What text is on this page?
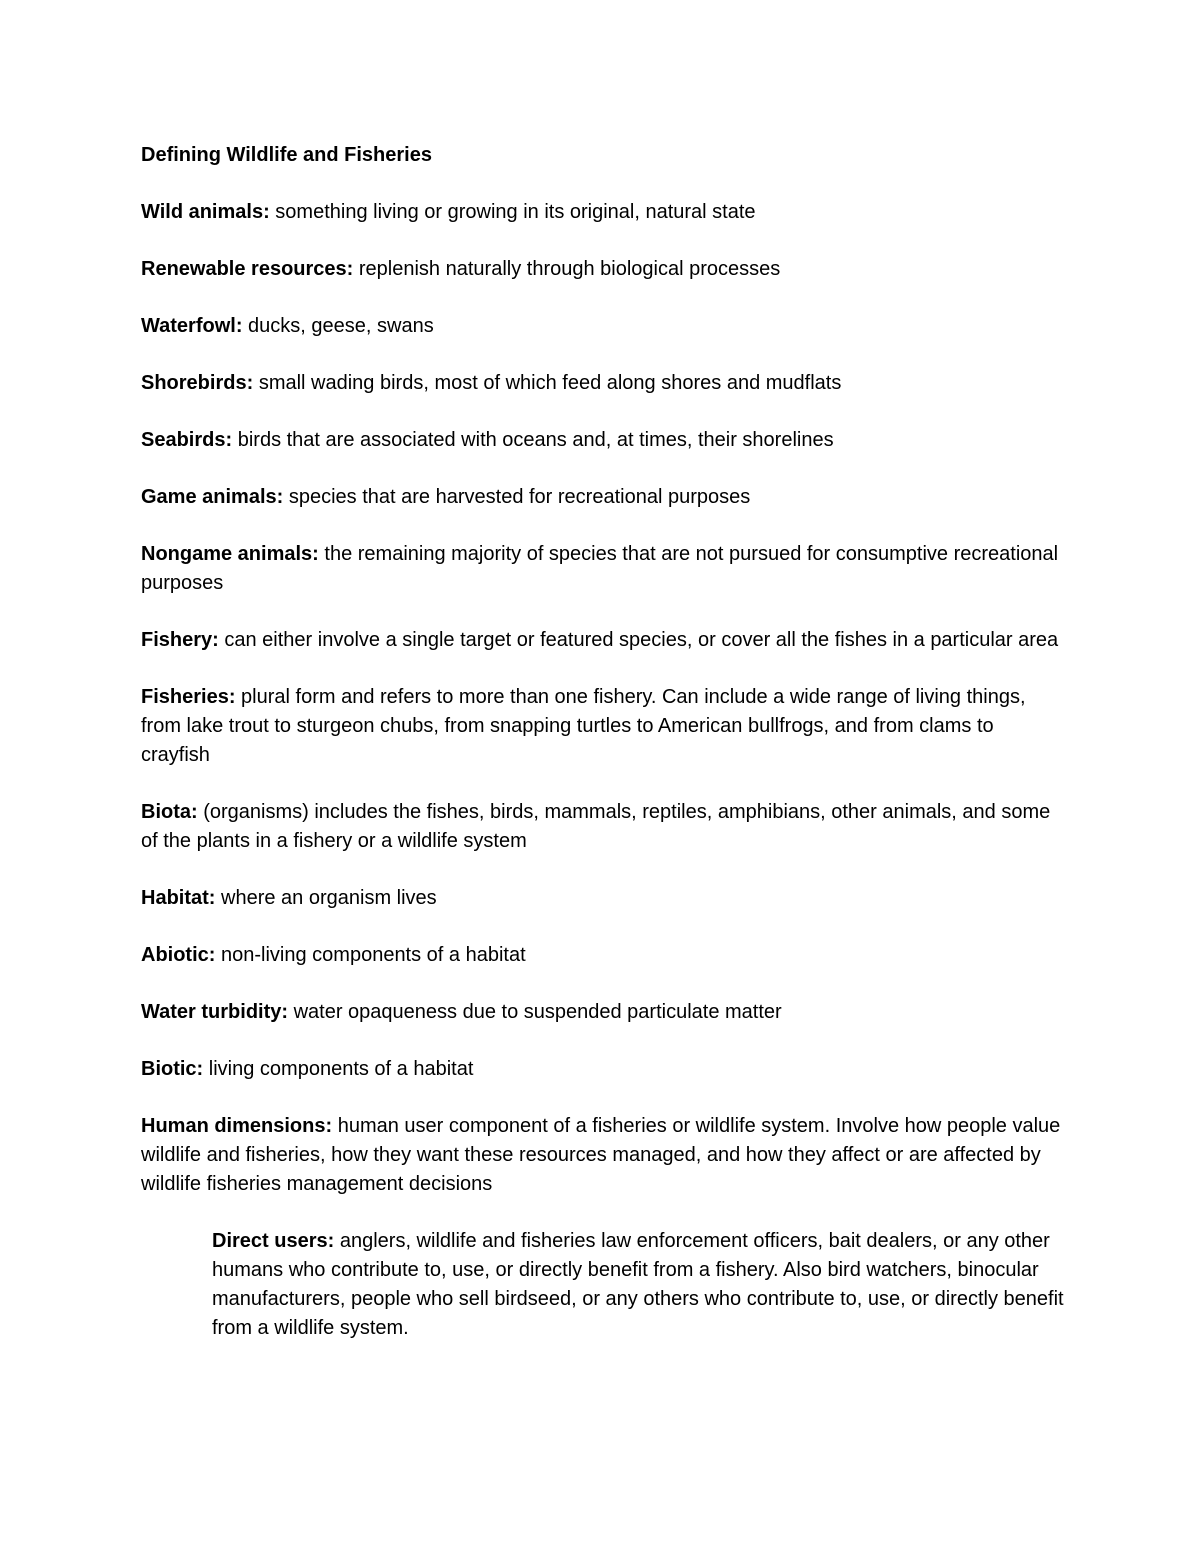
Defining Wildlife and Fisheries

Wild animals: something living or growing in its original, natural state

Renewable resources: replenish naturally through biological processes

Waterfowl: ducks, geese, swans

Shorebirds: small wading birds, most of which feed along shores and mudflats

Seabirds: birds that are associated with oceans and, at times, their shorelines

Game animals: species that are harvested for recreational purposes

Nongame animals: the remaining majority of species that are not pursued for consumptive recreational purposes

Fishery: can either involve a single target or featured species, or cover all the fishes in a particular area

Fisheries: plural form and refers to more than one fishery. Can include a wide range of living things, from lake trout to sturgeon chubs, from snapping turtles to American bullfrogs, and from clams to crayfish

Biota: (organisms) includes the fishes, birds, mammals, reptiles, amphibians, other animals, and some of the plants in a fishery or a wildlife system

Habitat: where an organism lives

Abiotic: non-living components of a habitat

Water turbidity: water opaqueness due to suspended particulate matter

Biotic: living components of a habitat

Human dimensions: human user component of a fisheries or wildlife system. Involve how people value wildlife and fisheries, how they want these resources managed, and how they affect or are affected by wildlife fisheries management decisions

Direct users: anglers, wildlife and fisheries law enforcement officers, bait dealers, or any other humans who contribute to, use, or directly benefit from a fishery. Also bird watchers, binocular manufacturers, people who sell birdseed, or any others who contribute to, use, or directly benefit from a wildlife system.
